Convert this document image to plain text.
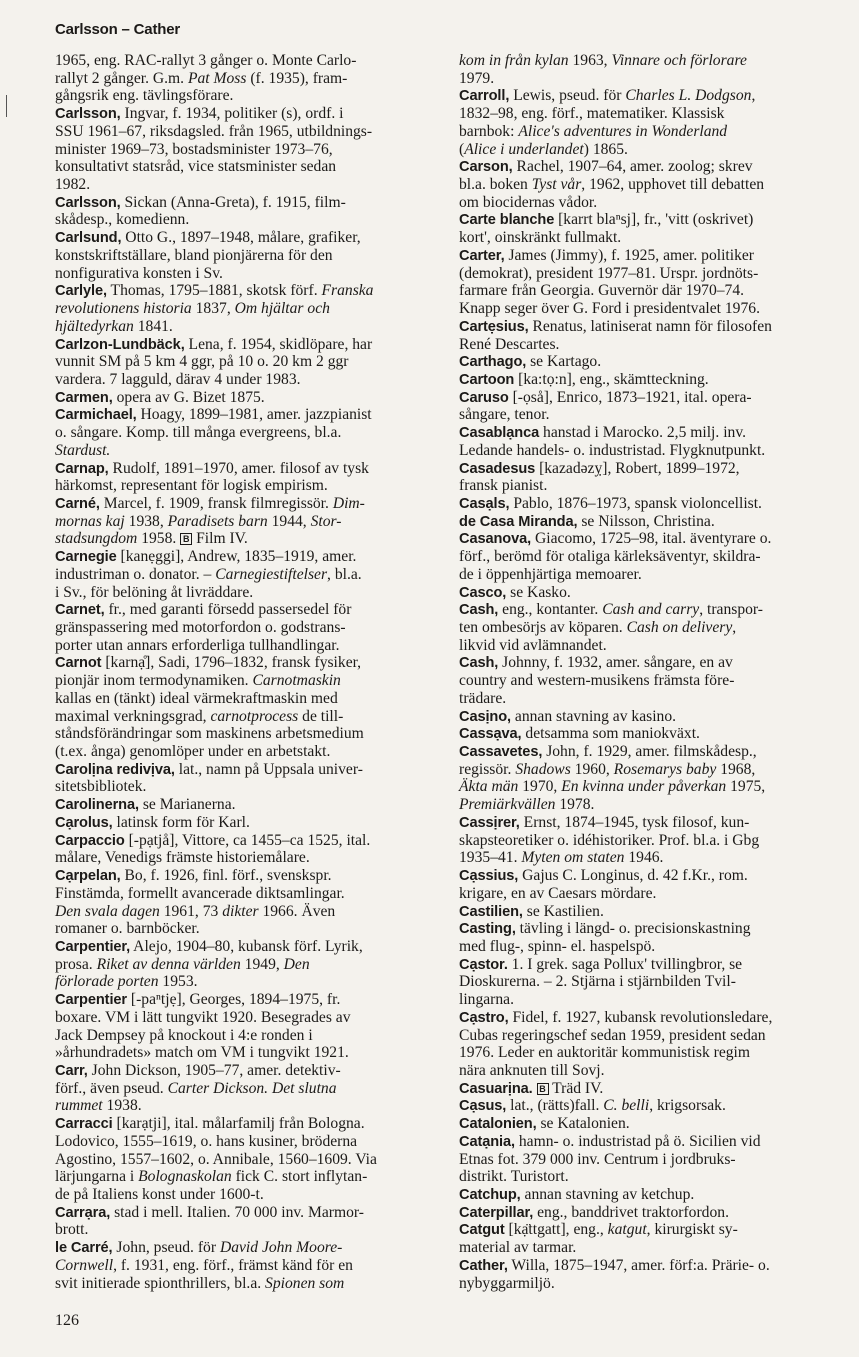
Carlsson – Cather
1965, eng. RAC-rallyt 3 gånger o. Monte Carlo-
rallyt 2 gånger. G.m. Pat Moss (f. 1935), fram-
gångsrik eng. tävlingsförare.
Carlsson, Ingvar, f. 1934, politiker (s), ordf. i
SSU 1961–67, riksdagsled. från 1965, utbildnings-
minister 1969–73, bostadsminister 1973–76,
konsultativt statsråd, vice statsminister sedan
1982.
Carlsson, Sickan (Anna-Greta), f. 1915, film-
skådesp., komedienn.
Carlsund, Otto G., 1897–1948, målare, grafiker,
konstskriftställare, bland pionjärerna för den
nonfigurativa konsten i Sv.
Carlyle, Thomas, 1795–1881, skotsk förf. Franska
revolutionens historia 1837, Om hjältar och
hjältedyrkan 1841.
Carlzon-Lundbäck, Lena, f. 1954, skidlöpare, har
vunnit SM på 5 km 4 ggr, på 10 o. 20 km 2 ggr
vardera. 7 lagguld, därav 4 under 1983.
Carmen, opera av G. Bizet 1875.
Carmichael, Hoagy, 1899–1981, amer. jazzpianist
o. sångare. Komp. till många evergreens, bl.a.
Stardust.
Carnap, Rudolf, 1891–1970, amer. filosof av tysk
härkomst, representant för logisk empirism.
Carné, Marcel, f. 1909, fransk filmregissör. Dim-
mornas kaj 1938, Paradisets barn 1944, Stor-
stadsungdom 1958. B Film IV.
Carnegie [kanẹggi], Andrew, 1835–1919, amer.
industriman o. donator. – Carnegiestiftelser, bl.a.
i Sv., för belöning åt livräddare.
Carnet, fr., med garanti försedd passersedel för
gränspassering med motorfordon o. godstrans-
porter utan annars erforderliga tullhandlingar.
Carnot [karnạ̊], Sadi, 1796–1832, fransk fysiker,
pionjär inom termodynamiken. Carnotmaskin
kallas en (tänkt) ideal värmekraftmaskin med
maximal verkningsgrad, carnotprocess de till-
ståndsförändringar som maskinens arbetsmedium
(t.ex. ånga) genomlöper under en arbetstakt.
Carolịna redivịva, lat., namn på Uppsala univer-
sitetsbibliotek.
Carolinerna, se Marianerna.
Cạrolus, latinsk form för Karl.
Carpaccio [-pạtjå], Vittore, ca 1455–ca 1525, ital.
målare, Venedigs främste historiemålare.
Cạrpelan, Bo, f. 1926, finl. förf., svenskspr.
Finstämda, formellt avancerade diktsamlingar.
Den svala dagen 1961, 73 dikter 1966. Även
romaner o. barnböcker.
Carpentier, Alejo, 1904–80, kubansk förf. Lyrik,
prosa. Riket av denna världen 1949, Den
förlorade porten 1953.
Carpentier [-paⁿtjẹ], Georges, 1894–1975, fr.
boxare. VM i lätt tungvikt 1920. Besegrades av
Jack Dempsey på knockout i 4:e ronden i
»århundradets» match om VM i tungvikt 1921.
Carr, John Dickson, 1905–77, amer. detektiv-
förf., även pseud. Carter Dickson. Det slutna
rummet 1938.
Carracci [karạtji], ital. målarfamilj från Bologna.
Lodovico, 1555–1619, o. hans kusiner, bröderna
Agostino, 1557–1602, o. Annibale, 1560–1609. Via
lärjungarna i Bolognaskolan fick C. stort inflytan-
de på Italiens konst under 1600-t.
Carrạra, stad i mell. Italien. 70 000 inv. Marmor-
brott.
le Carré, John, pseud. för David John Moore-
Cornwell, f. 1931, eng. förf., främst känd för en
svit initierade spionthrillers, bl.a. Spionen som
kom in från kylan 1963, Vinnare och förlorare
1979.
Carroll, Lewis, pseud. för Charles L. Dodgson,
1832–98, eng. förf., matematiker. Klassisk
barnbok: Alice's adventures in Wonderland
(Alice i underlandet) 1865.
Carson, Rachel, 1907–64, amer. zoolog; skrev
bl.a. boken Tyst vår, 1962, upphovet till debatten
om biocidernas vådor.
Carte blanche [karrt blaⁿsj], fr., 'vitt (oskrivet)
kort', oinskränkt fullmakt.
Carter, James (Jimmy), f. 1925, amer. politiker
(demokrat), president 1977–81. Urspr. jordnöts-
farmare från Georgia. Guvernör där 1970–74.
Knapp seger över G. Ford i presidentvalet 1976.
Cartẹsius, Renatus, latiniserat namn för filosofen
René Descartes.
Carthago, se Kartago.
Cartoon [ka:tọ:n], eng., skämtteckning.
Caruso [-ọså], Enrico, 1873–1921, ital. opera-
sångare, tenor.
Casablạnca hanstad i Marocko. 2,5 milj. inv.
Ledande handels- o. industristad. Flygknutpunkt.
Casadesus [kazadəzỵ], Robert, 1899–1972,
fransk pianist.
Casạls, Pablo, 1876–1973, spansk violoncellist.
de Casa Miranda, se Nilsson, Christina.
Casanova, Giacomo, 1725–98, ital. äventyrare o.
förf., berömd för otaliga kärleksäventyr, skildra-
de i öppenhjärtiga memoarer.
Casco, se Kasko.
Cash, eng., kontanter. Cash and carry, transpor-
ten ombesörjs av köparen. Cash on delivery,
likvid vid avlämnandet.
Cash, Johnny, f. 1932, amer. sångare, en av
country and western-musikens främsta före-
trädare.
Casịno, annan stavning av kasino.
Cassạva, detsamma som maniokväxt.
Cassavetes, John, f. 1929, amer. filmskådesp.,
regissör. Shadows 1960, Rosemarys baby 1968,
Äkta män 1970, En kvinna under påverkan 1975,
Premiärkvällen 1978.
Cassịrer, Ernst, 1874–1945, tysk filosof, kun-
skapsteoretiker o. idéhistoriker. Prof. bl.a. i Gbg
1935–41. Myten om staten 1946.
Cạssius, Gajus C. Longinus, d. 42 f.Kr., rom.
krigare, en av Caesars mördare.
Castilien, se Kastilien.
Casting, tävling i längd- o. precisionskastning
med flug-, spinn- el. haspelspö.
Cạstor. 1. I grek. saga Pollux' tvillingbror, se
Dioskurerna. – 2. Stjärna i stjärnbilden Tvil-
lingarna.
Cạstro, Fidel, f. 1927, kubansk revolutionsledare,
Cubas regeringschef sedan 1959, president sedan
1976. Leder en auktoritär kommunistisk regim
nära anknuten till Sovj.
Casuarịna. B Träd IV.
Cạsus, lat., (rätts)fall. C. belli, krigsorsak.
Catalonien, se Katalonien.
Catạnia, hamn- o. industristad på ö. Sicilien vid
Etnas fot. 379 000 inv. Centrum i jordbruks-
distrikt. Turistort.
Catchup, annan stavning av ketchup.
Caterpillar, eng., banddrivet traktorfordon.
Catgut [kạ̈ttgatt], eng., katgut, kirurgiskt sy-
material av tarmar.
Cather, Willa, 1875–1947, amer. förf:a. Prärie- o.
nybyggarmiljö.
126
